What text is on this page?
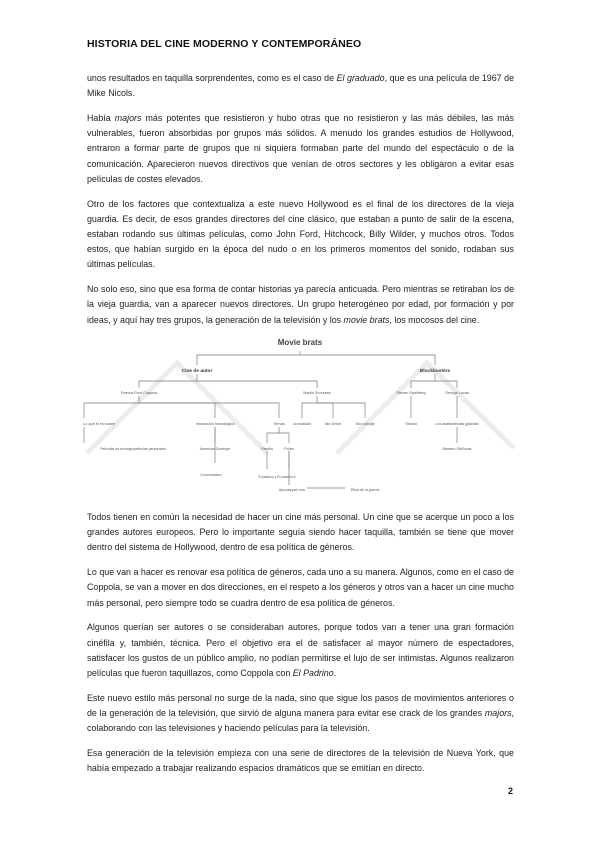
HISTORIA DEL CINE MODERNO Y CONTEMPORÁNEO

unos resultados en taquilla sorprendentes, como es el caso de El graduado, que es una película de 1967 de Mike Nicols.

Había majors más potentes que resistieron y hubo otras que no resistieron y las más débiles, las más vulnerables, fueron absorbidas por grupos más sólidos. A menudo los grandes estudios de Hollywood, entraron a formar parte de grupos que ni siquiera formaban parte del mundo del espectáculo o de la comunicación. Aparecieron nuevos directivos que venían de otros sectores y les obligaron a evitar esas películas de costes elevados.

Otro de los factores que contextualiza a este nuevo Hollywood es el final de los directores de la vieja guardia. Es decir, de esos grandes directores del cine clásico, que estaban a punto de salir de la escena, estaban rodando sus últimas películas, como John Ford, Hitchcock, Billy Wilder, y muchos otros. Todos estos, que habían surgido en la época del nudo o en los primeros momentos del sonido, rodaban sus últimas películas.

No solo eso, sino que esa forma de contar historias ya parecía anticuada. Pero mientras se retiraban los de la vieja guardia, van a aparecer nuevos directores. Un grupo heterogéneo por edad, por formación y por ideas, y aquí hay tres grupos, la generación de la televisión y los movie brats, los mocosos del cine.

Movie brats
Cine de autor	Blockbusters
Francis Ford Coppola	Martin Scorsese	Steven Spielberg	George Lucas
Lo que él es suave	Innovación tecnológica	Temas
Películas de encargo/películas personales	American Zoetrope
Conversation
Familia	Poder
El padrino y El padrino II
Apocalypse now	Ética de la guerra
La tradición	Taxi Driver	Toro salvaje	Tiburón	Los asaltantes/las galaxias
Maestro Obi/lucas

Todos tienen en común la necesidad de hacer un cine más personal. Un cine que se acerque un poco a los grandes autores europeos. Pero lo importante seguía siendo hacer taquilla, también se tiene que mover dentro del sistema de Hollywood, dentro de esa política de géneros.

Lo que van a hacer es renovar esa política de géneros, cada uno a su manera. Algunos, como en el caso de Coppola, se van a mover en dos direcciones, en el respeto a los géneros y otros van a hacer un cine mucho más personal, pero siempre todo se cuadra dentro de esa política de géneros.

Algunos querían ser autores o se consideraban autores, porque todos van a tener una gran formación cinéfila y, también, técnica. Pero el objetivo era el de satisfacer al mayor número de espectadores, satisfacer los gustos de un público amplio, no podían permitirse el lujo de ser intimistas. Algunos realizaron películas que fueron taquillazos, como Coppola con El Padrino.

Este nuevo estilo más personal no surge de la nada, sino que sigue los pasos de movimientos anteriores o de la generación de la televisión, que sirvió de alguna manera para evitar ese crack de los grandes majors, colaborando con las televisiones y haciendo películas para la televisión.

Esa generación de la televisión empieza con una serie de directores de la televisión de Nueva York, que había empezado a trabajar realizando espacios dramáticos que se emitían en directo.

2
